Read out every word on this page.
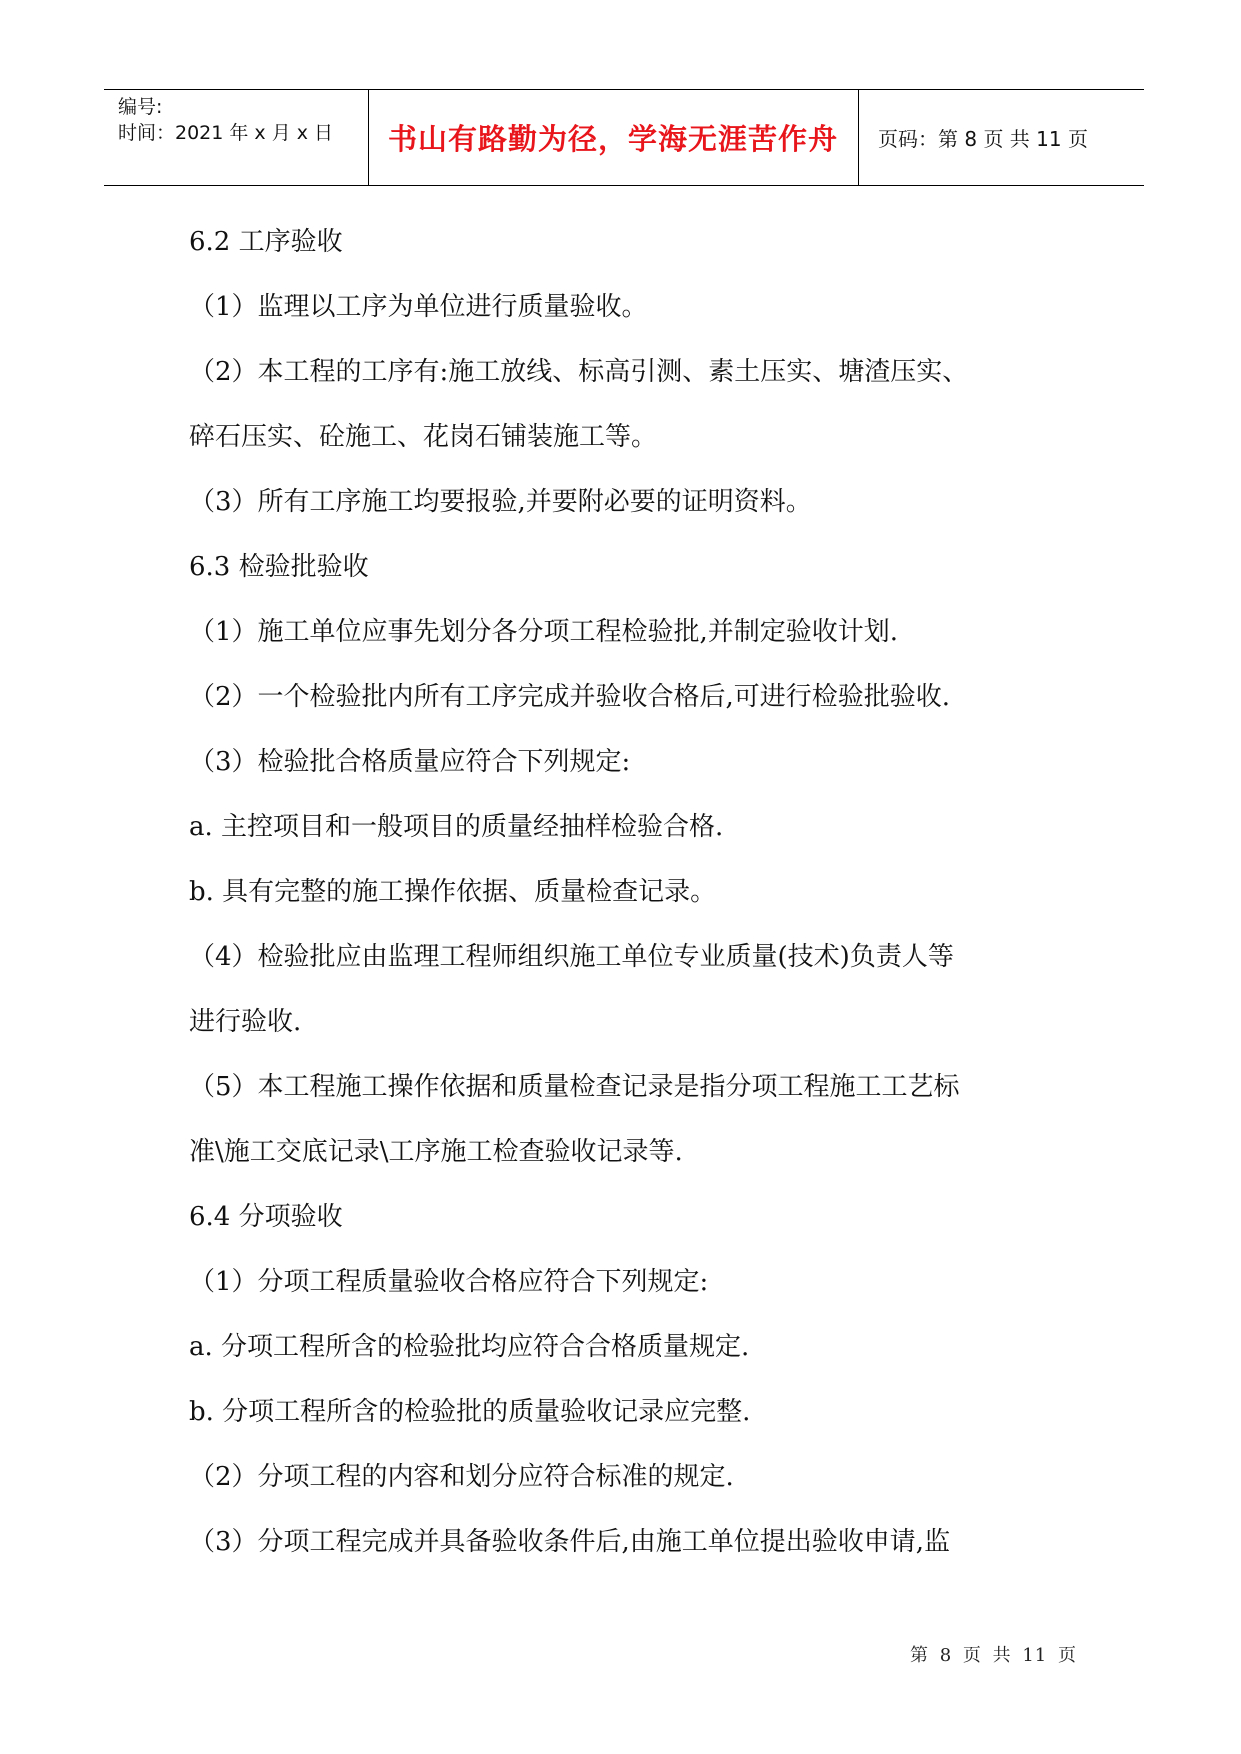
编号:
时间：2021 年 x 月 x 日	书山有路勤为径，学海无涯苦作舟	页码：第 8 页 共 11 页
6.2 工序验收
（1）监理以工序为单位进行质量验收。
（2）本工程的工序有:施工放线、标高引测、素土压实、塘渣压实、
碎石压实、砼施工、花岗石铺装施工等。
（3）所有工序施工均要报验,并要附必要的证明资料。
6.3 检验批验收
（1）施工单位应事先划分各分项工程检验批,并制定验收计划.
（2）一个检验批内所有工序完成并验收合格后,可进行检验批验收.
（3）检验批合格质量应符合下列规定:
a. 主控项目和一般项目的质量经抽样检验合格.
b. 具有完整的施工操作依据、质量检查记录。
（4）检验批应由监理工程师组织施工单位专业质量(技术)负责人等
进行验收.
（5）本工程施工操作依据和质量检查记录是指分项工程施工工艺标
准\施工交底记录\工序施工检查验收记录等.
6.4 分项验收
（1）分项工程质量验收合格应符合下列规定:
a. 分项工程所含的检验批均应符合合格质量规定.
b. 分项工程所含的检验批的质量验收记录应完整.
（2）分项工程的内容和划分应符合标准的规定.
（3）分项工程完成并具备验收条件后,由施工单位提出验收申请,监
第 8 页 共 11 页
